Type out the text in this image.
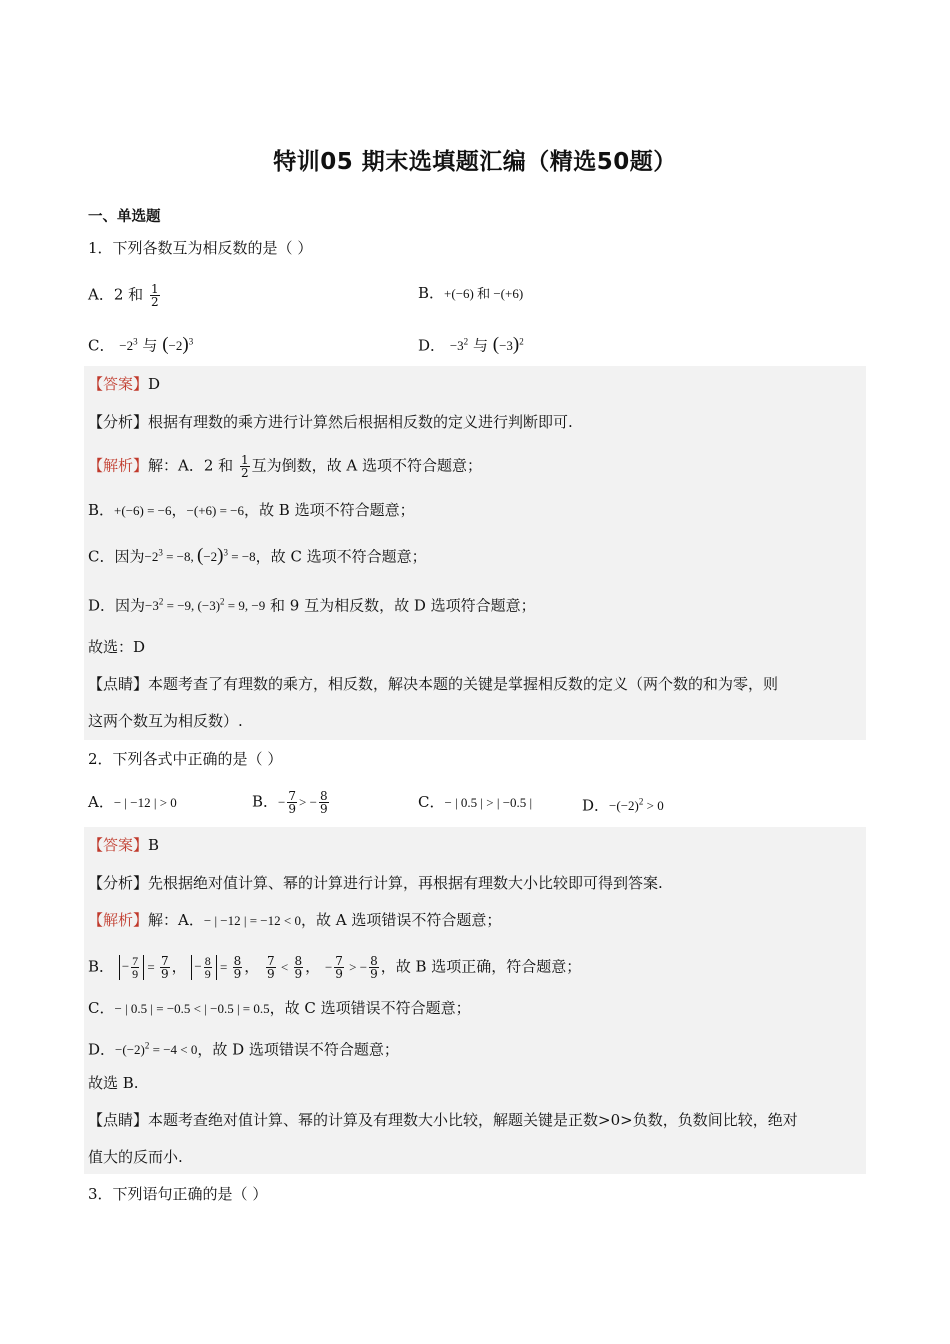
特训05 期末选填题汇编（精选50题）
一、单选题
1．下列各数互为相反数的是（ ）
A．2 和 $\frac{1}{2}$	B．+(−6) 和 −(+6)
C． $-2^3$ 与 $(-2)^3$	D． $-3^2$ 与 $(-3)^2$
【答案】D
【分析】根据有理数的乘方进行计算然后根据相反数的定义进行判断即可.
【解析】解：A．2 和 $\frac{1}{2}$ 互为倒数，故 A 选项不符合题意；
B．+(−6) = −6，−(+6) = −6，故 B 选项不符合题意；
C．因为$-2^3 = -8$, $(-2)^3 = -8$，故 C 选项不符合题意；
D．因为$-3^2 = -9$, $(-3)^2 = 9$, −9 和 9 互为相反数，故 D 选项符合题意；
故选：D
【点睛】本题考查了有理数的乘方，相反数，解决本题的关键是掌握相反数的定义（两个数的和为零，则
这两个数互为相反数）.
2．下列各式中正确的是（ ）
A．− | −12 | > 0	B．− $\frac{7}{9}$ > − $\frac{8}{9}$	C．− | 0.5 | > | −0.5 |	D．$-(-2)^2 > 0$
【答案】B
【分析】先根据绝对值计算、幂的计算进行计算，再根据有理数大小比较即可得到答案.
【解析】解：A．− | −12 | = −12 < 0，故 A 选项错误不符合题意；
B． − $\frac{7}{9} = \frac{7}{9}$ ， − $\frac{8}{9} = \frac{8}{9}$ ， $\frac{7}{9} < \frac{8}{9}$ ， − $\frac{7}{9}$ > − $\frac{8}{9}$ ，故 B 选项正确，符合题意；
C．− | 0.5 | = −0.5 < | −0.5 | = 0.5，故 C 选项错误不符合题意；
D．$-(-2)^2 = -4 < 0$，故 D 选项错误不符合题意；
故选 B.
【点睛】本题考查绝对值计算、幂的计算及有理数大小比较，解题关键是正数>0>负数，负数间比较，绝对
值大的反而小.
3．下列语句正确的是（ ）
